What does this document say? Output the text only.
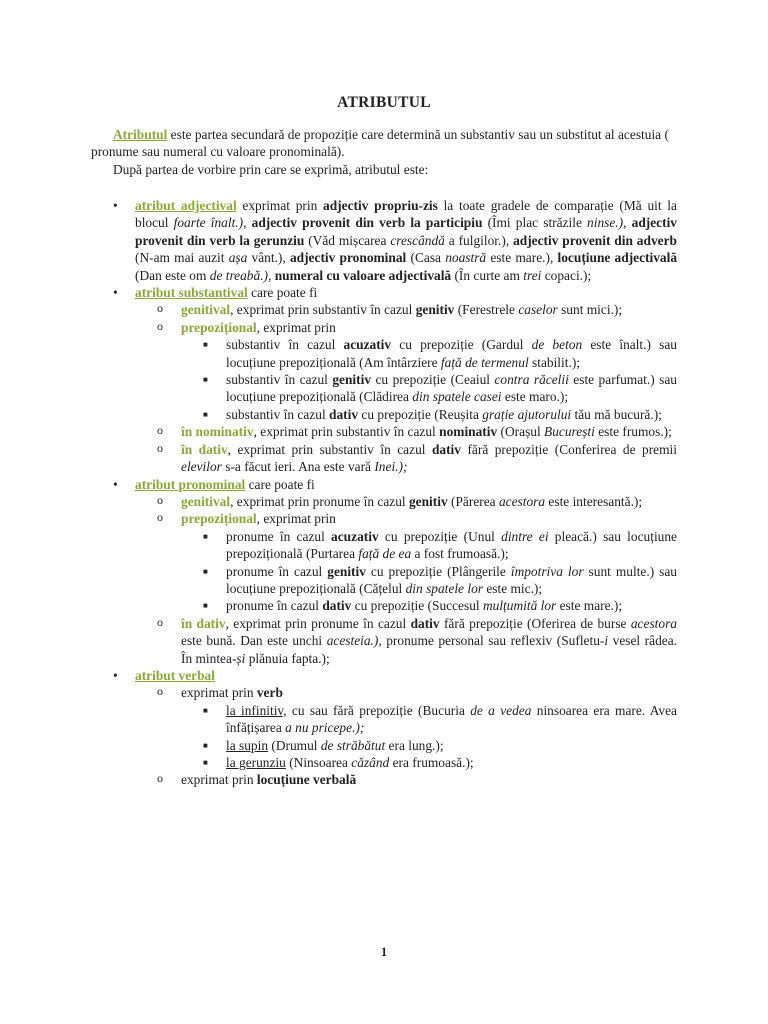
ATRIBUTUL

Atributul este partea secundară de propoziție care determină un substantiv sau un substitut al acestuia ( pronume sau numeral cu valoare pronominală).

După partea de vorbire prin care se exprimă, atributul este:

• atribut adjectival exprimat prin adjectiv propriu-zis la toate gradele de comparație (Mă uit la blocul foarte înalt.), adjectiv provenit din verb la participiu (Îmi plac străzile ninse.), adjectiv provenit din verb la gerunziu (Văd mișcarea crescândă a fulgilor.), adjectiv provenit din adverb (N-am mai auzit așa vânt.), adjectiv pronominal (Casa noastră este mare.), locuțiune adjectivală (Dan este om de treabă.), numeral cu valoare adjectivală (În curte am trei copaci.);
• atribut substantival care poate fi
o genitival, exprimat prin substantiv în cazul genitiv (Ferestrele caselor sunt mici.);
o prepozițional, exprimat prin
■ substantiv în cazul acuzativ cu prepoziție (Gardul de beton este înalt.) sau locuțiune prepozițională (Am întârziere față de termenul stabilit.);
■ substantiv în cazul genitiv cu prepoziție (Ceaiul contra răcelii este parfumat.) sau locuțiune prepozițională (Clădirea din spatele casei este maro.);
■ substantiv în cazul dativ cu prepoziție (Reușita grație ajutorului tău mă bucură.);
o în nominativ, exprimat prin substantiv în cazul nominativ (Orașul București este frumos.);
o în dativ, exprimat prin substantiv în cazul dativ fără prepoziție (Conferirea de premii elevilor s-a făcut ieri. Ana este vară Inei.);
• atribut pronominal care poate fi
o genitival, exprimat prin pronume în cazul genitiv (Părerea acestora este interesantă.);
o prepozițional, exprimat prin
■ pronume în cazul acuzativ cu prepoziție (Unul dintre ei pleacă.) sau locuțiune prepozițională (Purtarea față de ea a fost frumoasă.);
■ pronume în cazul genitiv cu prepoziție (Plângerile împotriva lor sunt multe.) sau locuțiune prepozițională (Cățelul din spatele lor este mic.);
■ pronume în cazul dativ cu prepoziție (Succesul mulțumită lor este mare.);
o în dativ, exprimat prin pronume în cazul dativ fără prepoziție (Oferirea de burse acestora este bună. Dan este unchi acesteia.), pronume personal sau reflexiv (Sufletu-i vesel râdea. În mintea-și plănuia fapta.);
• atribut verbal
o exprimat prin verb
■ la infinitiv, cu sau fără prepoziție (Bucuria de a vedea ninsoarea era mare. Avea înfățișarea a nu pricepe.);
■ la supin (Drumul de străbătut era lung.);
■ la gerunziu (Ninsoarea căzând era frumoasă.);
o exprimat prin locuțiune verbală
1
